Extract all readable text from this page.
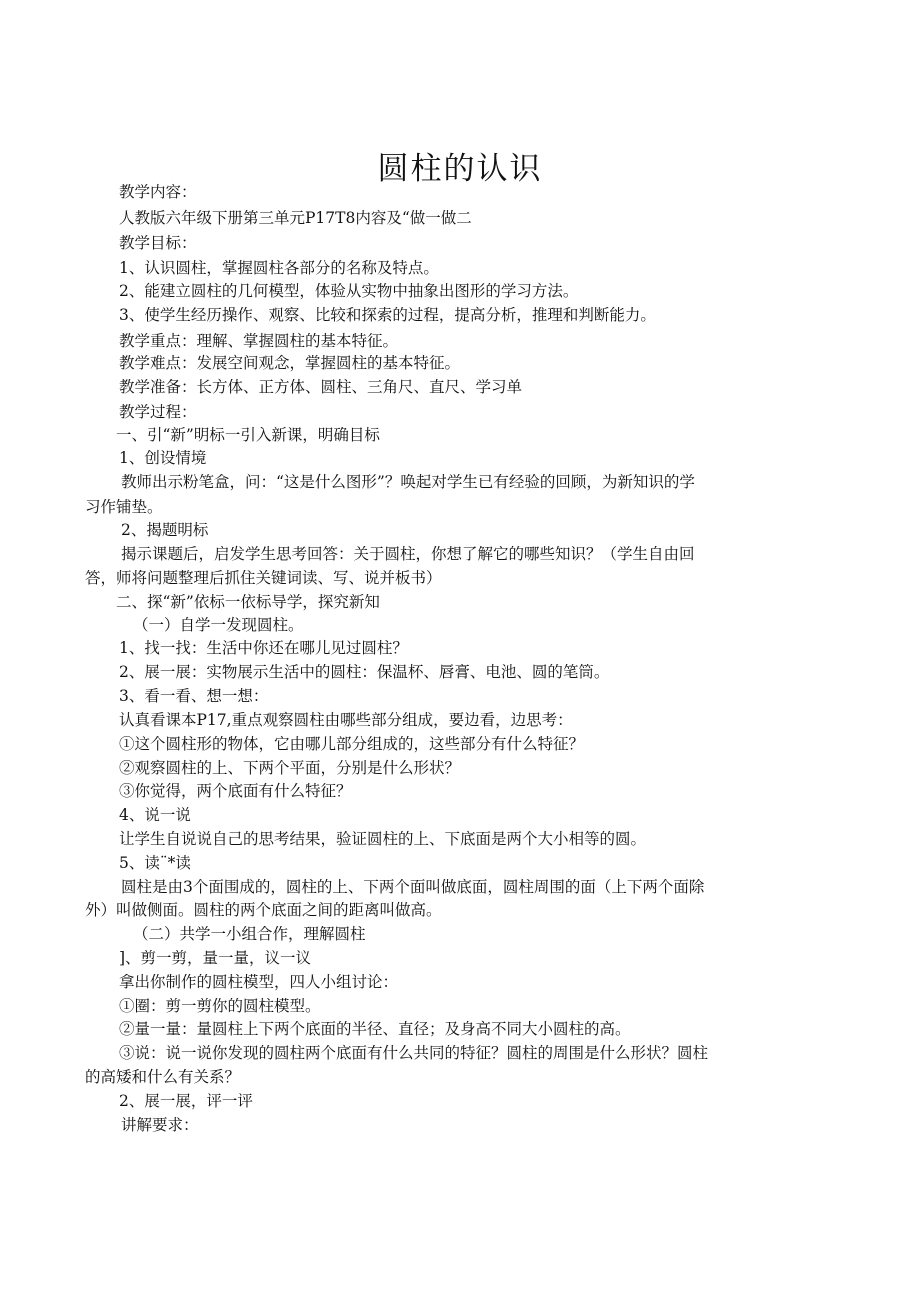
圆柱的认识
教学内容：
人教版六年级下册第三单元P17T8内容及“做一做二
教学目标：
1、认识圆柱，掌握圆柱各部分的名称及特点。
2、能建立圆柱的几何模型，体验从实物中抽象出图形的学习方法。
3、使学生经历操作、观察、比较和探索的过程，提高分析，推理和判断能力。
教学重点：理解、掌握圆柱的基本特征。
教学难点：发展空间观念，掌握圆柱的基本特征。
教学准备：长方体、正方体、圆柱、三角尺、直尺、学习单
教学过程：
一、引“新”明标一引入新课，明确目标
1、创设情境
教师出示粉笔盒，问：“这是什么图形”？唤起对学生已有经验的回顾，为新知识的学
习作铺垫。
2、揭题明标
揭示课题后，启发学生思考回答：关于圆柱，你想了解它的哪些知识？（学生自由回
答，师将问题整理后抓住关键词读、写、说并板书）
二、探“新”依标一依标导学，探究新知
（一）自学一发现圆柱。
1、找一找：生活中你还在哪儿见过圆柱？
2、展一展：实物展示生活中的圆柱：保温杯、唇膏、电池、圆的笔筒。
3、看一看、想一想：
认真看课本P17,重点观察圆柱由哪些部分组成，要边看，边思考：
①这个圆柱形的物体，它由哪儿部分组成的，这些部分有什么特征？
②观察圆柱的上、下两个平面，分别是什么形状？
③你觉得，两个底面有什么特征？
4、说一说
让学生自说说自己的思考结果，验证圆柱的上、下底面是两个大小相等的圆。
5、读¨*读
圆柱是由3个面围成的，圆柱的上、下两个面叫做底面，圆柱周围的面（上下两个面除
外）叫做侧面。圆柱的两个底面之间的距离叫做高。
（二）共学一小组合作，理解圆柱
]、剪一剪，量一量，议一议
拿出你制作的圆柱模型，四人小组讨论：
①圈：剪一剪你的圆柱模型。
②量一量：量圆柱上下两个底面的半径、直径；及身高不同大小圆柱的高。
③说：说一说你发现的圆柱两个底面有什么共同的特征？圆柱的周围是什么形状？圆柱
的高矮和什么有关系？
2、展一展，评一评
讲解要求：
